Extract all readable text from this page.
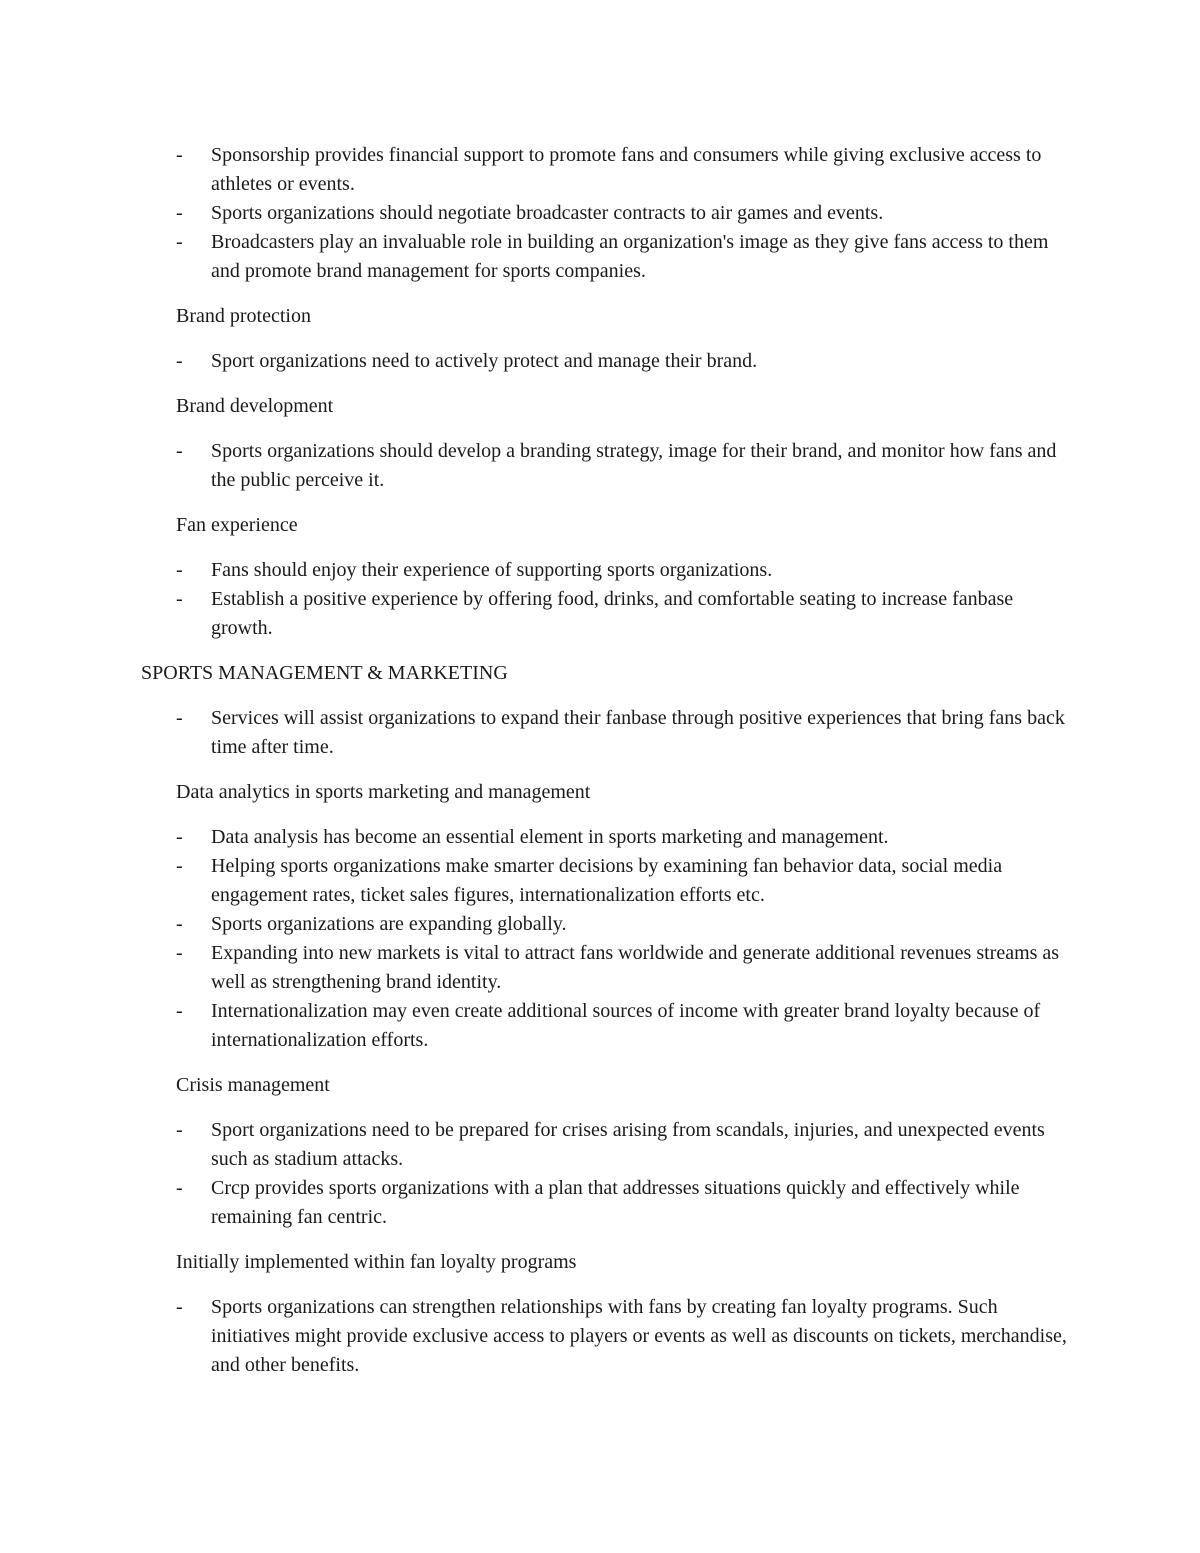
- Sponsorship provides financial support to promote fans and consumers while giving exclusive access to athletes or events.
- Sports organizations should negotiate broadcaster contracts to air games and events.
- Broadcasters play an invaluable role in building an organization's image as they give fans access to them and promote brand management for sports companies.

Brand protection

- Sport organizations need to actively protect and manage their brand.

Brand development

- Sports organizations should develop a branding strategy, image for their brand, and monitor how fans and the public perceive it.

Fan experience

- Fans should enjoy their experience of supporting sports organizations.
- Establish a positive experience by offering food, drinks, and comfortable seating to increase fanbase growth.

SPORTS MANAGEMENT & MARKETING

- Services will assist organizations to expand their fanbase through positive experiences that bring fans back time after time.

Data analytics in sports marketing and management

- Data analysis has become an essential element in sports marketing and management.
- Helping sports organizations make smarter decisions by examining fan behavior data, social media engagement rates, ticket sales figures, internationalization efforts etc.
- Sports organizations are expanding globally.
- Expanding into new markets is vital to attract fans worldwide and generate additional revenues streams as well as strengthening brand identity.
- Internationalization may even create additional sources of income with greater brand loyalty because of internationalization efforts.

Crisis management

- Sport organizations need to be prepared for crises arising from scandals, injuries, and unexpected events such as stadium attacks.
- Crcp provides sports organizations with a plan that addresses situations quickly and effectively while remaining fan centric.

Initially implemented within fan loyalty programs

- Sports organizations can strengthen relationships with fans by creating fan loyalty programs. Such initiatives might provide exclusive access to players or events as well as discounts on tickets, merchandise, and other benefits.
